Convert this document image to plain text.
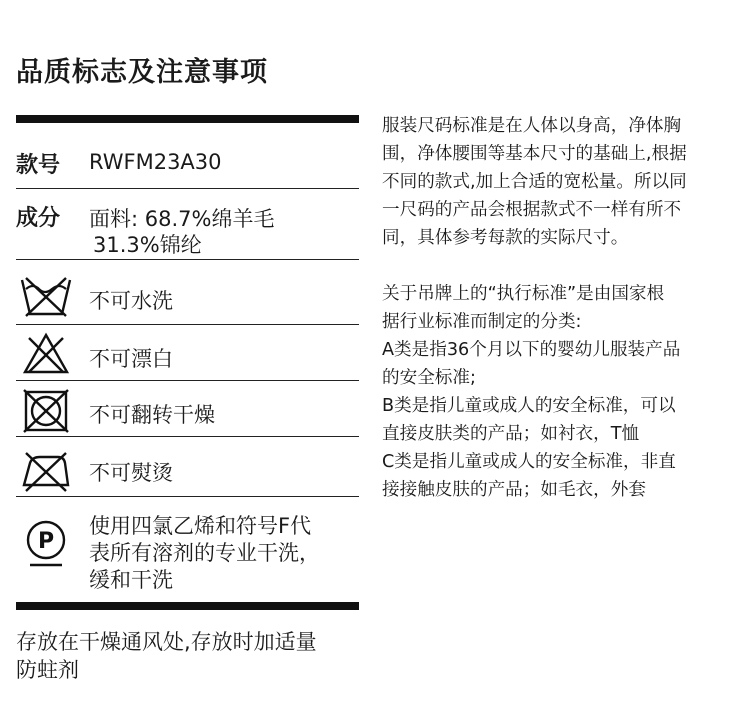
品质标志及注意事项
款号 RWFM23A30
成分 面料: 68.7%绵羊毛
31.3%锦纶
不可水洗
不可漂白
不可翻转干燥
不可熨烫
P
使用四氯乙烯和符号F代
表所有溶剂的专业干洗，
缓和干洗
存放在干燥通风处,存放时加适量
防蛀剂

服装尺码标准是在人体以身高，净体胸

围，净体腰围等基本尺寸的基础上,根据

不同的款式,加上合适的宽松量。所以同

一尺码的产品会根据款式不一样有所不

同，具体参考每款的实际尺寸。

关于吊牌上的“执行标准”是由国家根

据行业标准而制定的分类:

A类是指36个月以下的婴幼儿服装产品

的安全标准;

B类是指儿童或成人的安全标准，可以

直接皮肤类的产品；如衬衣，T恤

C类是指儿童或成人的安全标准，非直

接接触皮肤的产品；如毛衣，外套
